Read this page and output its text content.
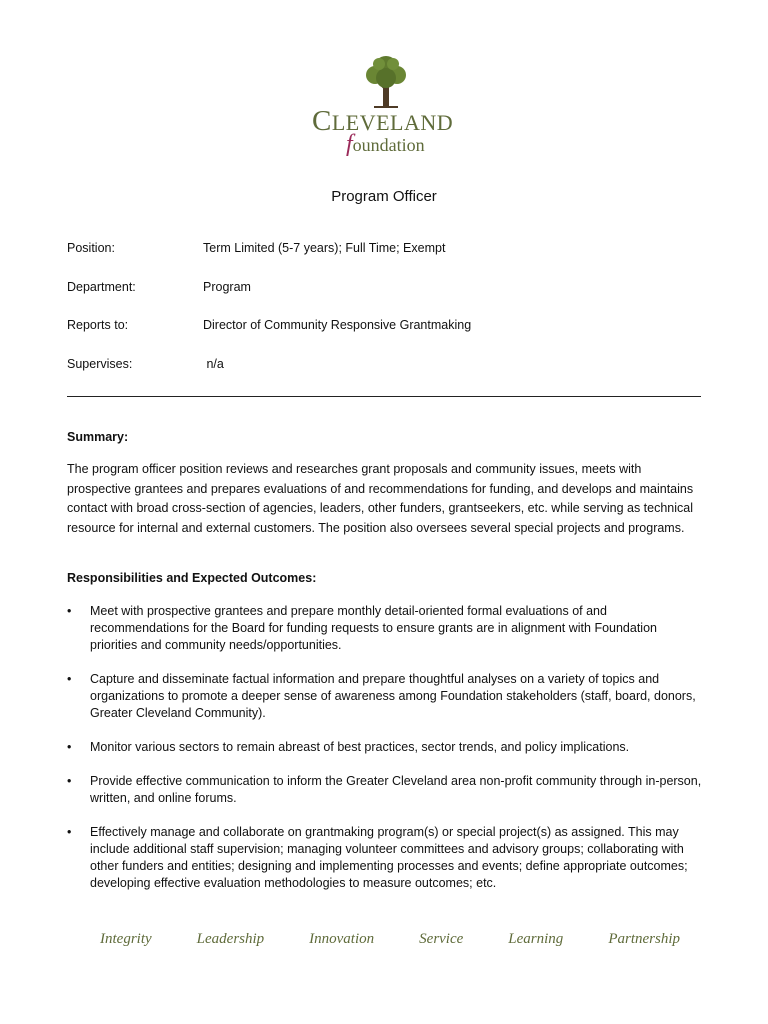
CLEVELAND
foundation
Program Officer
Position:	Term Limited (5-7 years); Full Time; Exempt
Department:	Program
Reports to:	Director of Community Responsive Grantmaking
Supervises:	n/a
Summary:
The program officer position reviews and researches grant proposals and community issues, meets with prospective grantees and prepares evaluations of and recommendations for funding, and develops and maintains contact with broad cross-section of agencies, leaders, other funders, grantseekers, etc. while serving as technical resource for internal and external customers. The position also oversees several special projects and programs.
Responsibilities and Expected Outcomes:
• Meet with prospective grantees and prepare monthly detail-oriented formal evaluations of and recommendations for the Board for funding requests to ensure grants are in alignment with Foundation priorities and community needs/opportunities.
• Capture and disseminate factual information and prepare thoughtful analyses on a variety of topics and organizations to promote a deeper sense of awareness among Foundation stakeholders (staff, board, donors, Greater Cleveland Community).
• Monitor various sectors to remain abreast of best practices, sector trends, and policy implications.
• Provide effective communication to inform the Greater Cleveland area non-profit community through in-person, written, and online forums.
• Effectively manage and collaborate on grantmaking program(s) or special project(s) as assigned. This may include additional staff supervision; managing volunteer committees and advisory groups; collaborating with other funders and entities; designing and implementing processes and events; define appropriate outcomes; developing effective evaluation methodologies to measure outcomes; etc.
Integrity	Leadership	Innovation	Service	Learning	Partnership
